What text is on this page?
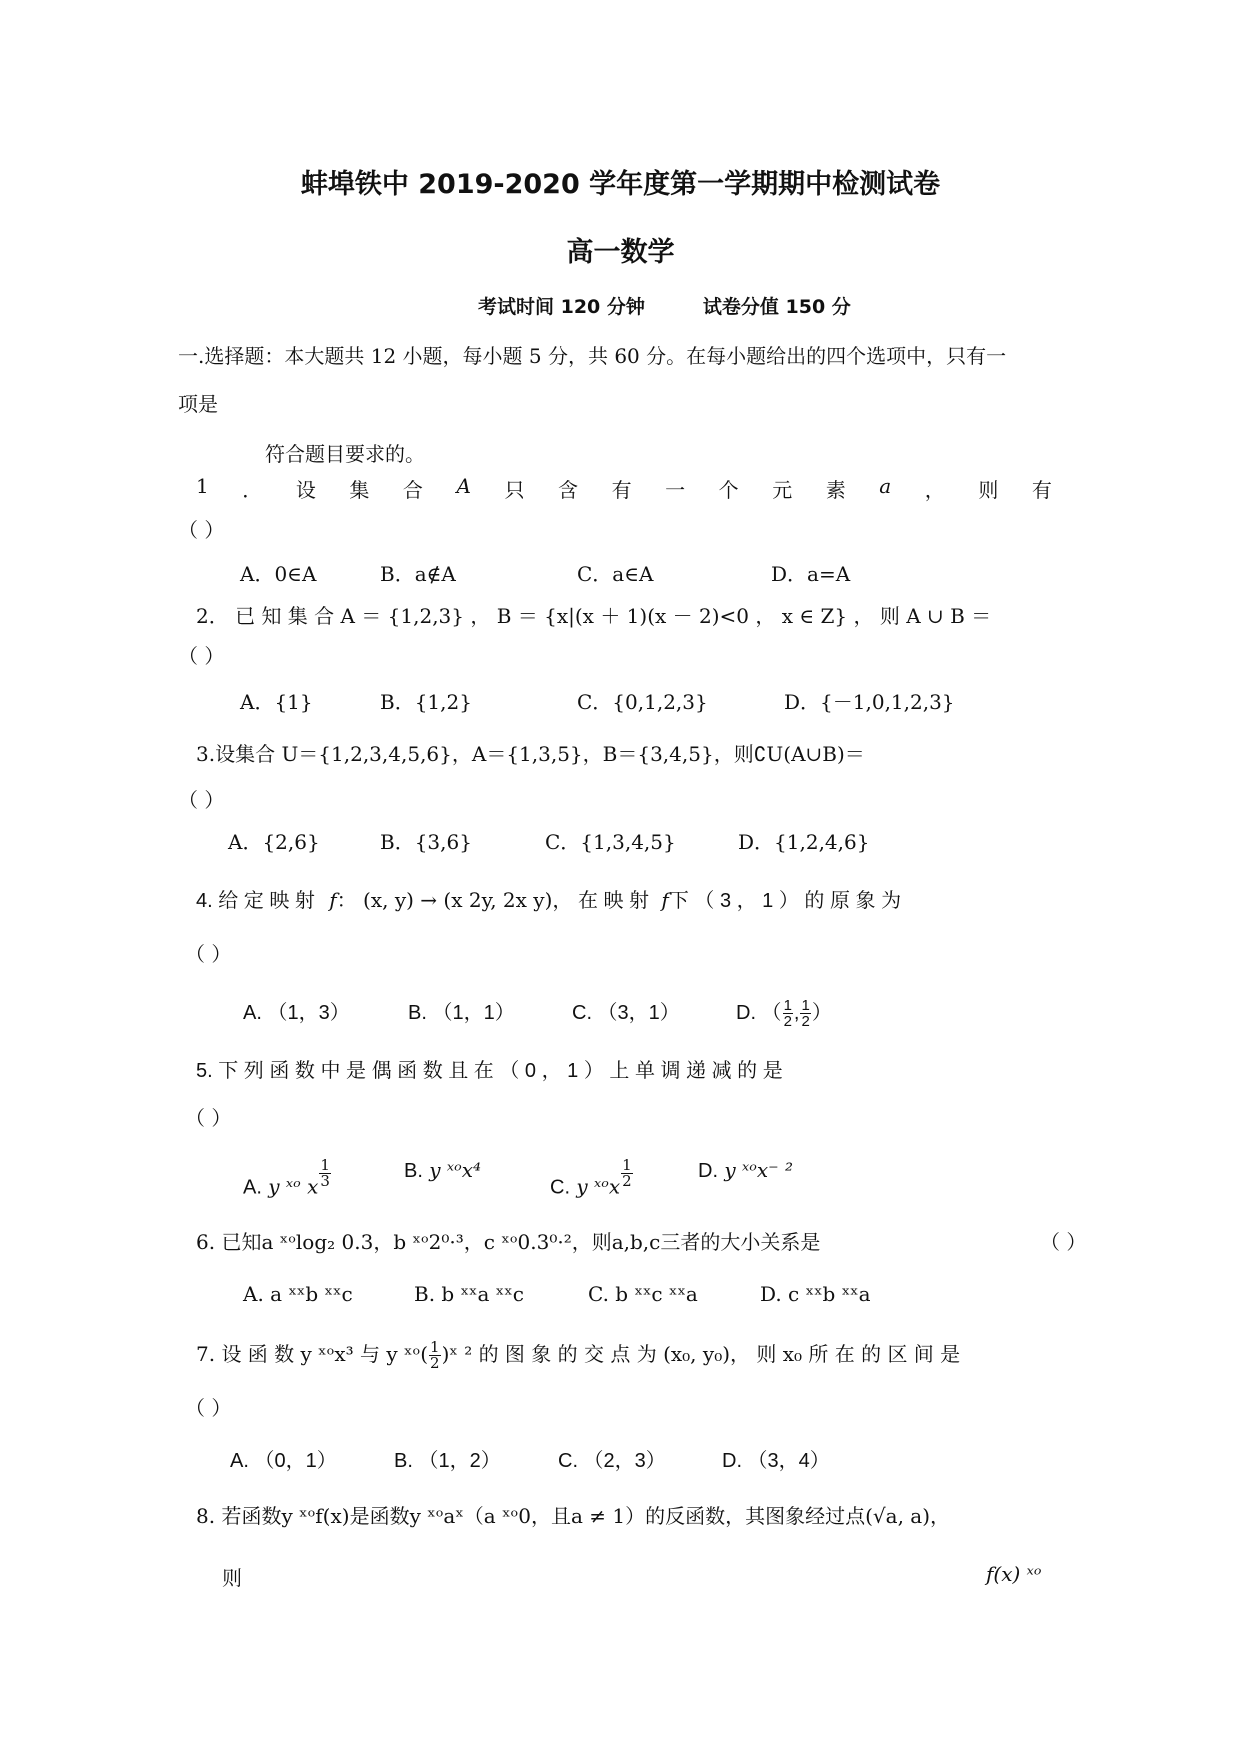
蚌埠铁中 2019-2020 学年度第一学期期中检测试卷
高一数学
考试时间 120 分钟	试卷分值 150 分
一.选择题：本大题共 12 小题，每小题 5 分，共 60 分。在每小题给出的四个选项中，只有一
项是
符合题目要求的。
1 ． 设 集 合 A 只 含 有 一 个 元 素 a ， 则 有
（ ）
A．0∈A	B．a∉A	C．a∈A	D．a=A
2． 已 知 集 合 A ＝ {1,2,3} ， B ＝ {x|(x ＋ 1)(x － 2)<0 ， x ∈ Z} ， 则 A ∪ B ＝
（ ）
A．{1}	B．{1,2}	C．{0,1,2,3}	D．{－1,0,1,2,3}
3.设集合 U＝{1,2,3,4,5,6}，A＝{1,3,5}，B＝{3,4,5}，则∁U(A∪B)＝
（ ）
A．{2,6}	B．{3,6}	C．{1,3,4,5}	D．{1,2,4,6}
4. 给 定 映 射 f： (x, y) → (x 2y, 2x y)， 在 映 射 f下 （ 3 ， 1 ） 的 原 象 为
（ ）
A. （1，3）	B. （1，1）	C. （3，1）	D. （ $\frac{1}{2}$ , $\frac{1}{2}$ ）
5. 下 列 函 数 中 是 偶 函 数 且 在 （ 0 ， 1 ） 上 单 调 递 减 的 是
（ ）
A. y ˣᵒ x $\frac{1}{3}$	B. y ˣᵒx⁴
C. y ˣᵒx $\frac{1}{2}$	D. y ˣᵒx⁻ ²
6. 已知a ˣᵒlog₂ 0.3，b ˣᵒ2⁰·³，c ˣᵒ0.3⁰·²，则a,b,c三者的大小关系是	（ ）
A. a ˣˣb ˣˣc	B. b ˣˣa ˣˣc	C. b ˣˣc ˣˣa	D. c ˣˣb ˣˣa
7. 设 函 数 y ˣᵒx³ 与 y ˣᵒ( $\frac{1}{2}$ )ˣ ² 的 图 象 的 交 点 为 (x₀, y₀)， 则 x₀ 所 在 的 区 间 是
（ ）
A. （0，1）	B. （1，2）	C. （2，3）	D. （3，4）
8. 若函数y ˣᵒf(x)是函数y ˣᵒaˣ（a ˣᵒ0，且a ≠ 1）的反函数，其图象经过点(√a, a)，
则	f(x) ˣᵒ
